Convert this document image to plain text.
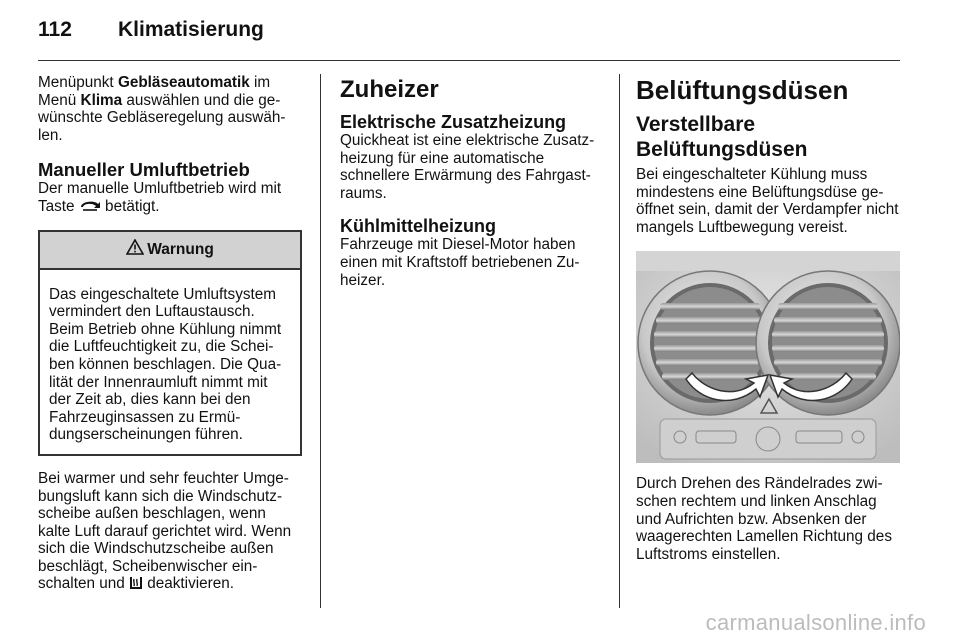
112 Klimatisierung

Menüpunkt Gebläseautomatik im Menü Klima auswählen und die gewünschte Gebläseregelung auswählen.

Manueller Umluftbetrieb

Der manuelle Umluftbetrieb wird mit Taste  betätigt.

Warnung
Das eingeschaltete Umluftsystem vermindert den Luftaustausch. Beim Betrieb ohne Kühlung nimmt die Luftfeuchtigkeit zu, die Scheiben können beschlagen. Die Qualität der Innenraumluft nimmt mit der Zeit ab, dies kann bei den Fahrzeuginsassen zu Ermüdungserscheinungen führen.

Bei warmer und sehr feuchter Umgebungsluft kann sich die Windschutzscheibe außen beschlagen, wenn kalte Luft darauf gerichtet wird. Wenn sich die Windschutzscheibe außen beschlägt, Scheibenwischer einschalten und  deaktivieren.

Zuheizer
Elektrische Zusatzheizung

Quickheat ist eine elektrische Zusatzheizung für eine automatische schnellere Erwärmung des Fahrgastraums.

Kühlmittelheizung

Fahrzeuge mit Diesel-Motor haben einen mit Kraftstoff betriebenen Zuheizer.

Belüftungsdüsen
Verstellbare Belüftungsdüsen

Bei eingeschalteter Kühlung muss mindestens eine Belüftungsdüse geöffnet sein, damit der Verdampfer nicht mangels Luftbewegung vereist.

Durch Drehen des Rändelrades zwischen rechtem und linken Anschlag und Aufrichten bzw. Absenken der waagerechten Lamellen Richtung des Luftstroms einstellen.

carmanualsonline.info
